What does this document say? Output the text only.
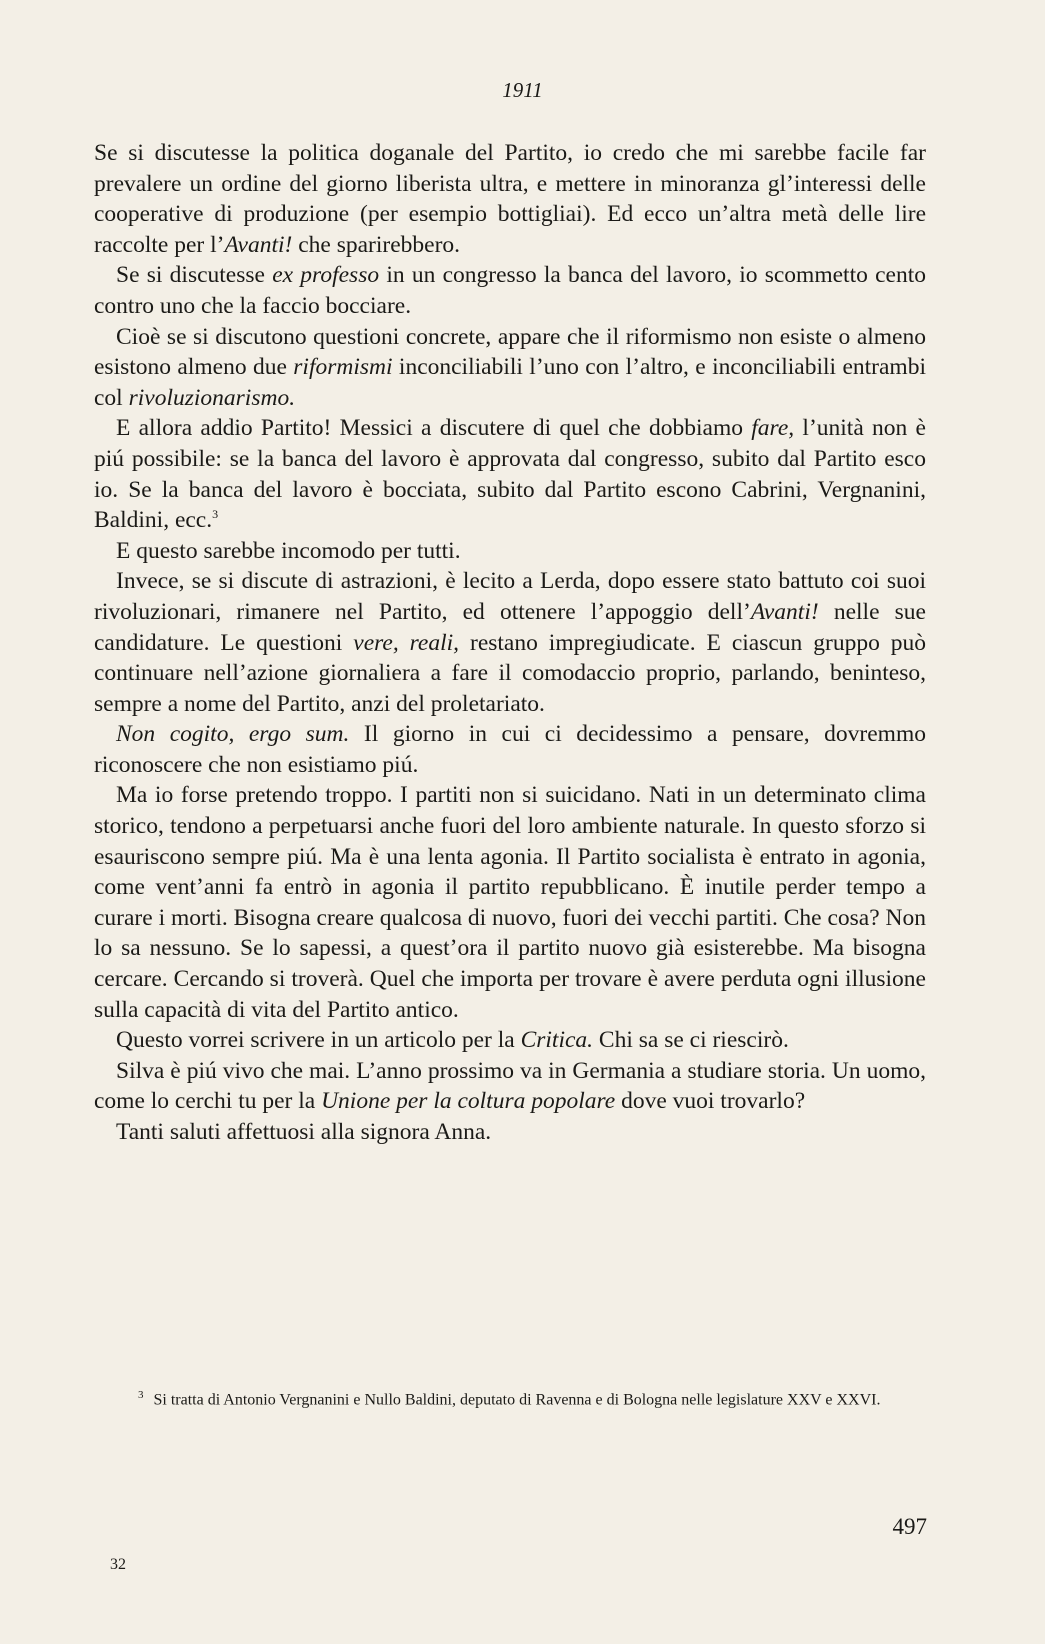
1911

Se si discutesse la politica doganale del Partito, io credo che mi sarebbe facile far prevalere un ordine del giorno liberista ultra, e mettere in minoranza gl’interessi delle cooperative di produzione (per esempio bottigliai). Ed ecco un’altra metà delle lire raccolte per l’Avanti! che sparirebbero.

Se si discutesse ex professo in un congresso la banca del lavoro, io scommetto cento contro uno che la faccio bocciare.

Cioè se si discutono questioni concrete, appare che il riformismo non esiste o almeno esistono almeno due riformismi inconciliabili l’uno con l’altro, e inconciliabili entrambi col rivoluzionarismo.

E allora addio Partito! Messici a discutere di quel che dobbiamo fare, l’unità non è piú possibile: se la banca del lavoro è approvata dal congresso, subito dal Partito esco io. Se la banca del lavoro è bocciata, subito dal Partito escono Cabrini, Vergnanini, Baldini, ecc.$^3$

E questo sarebbe incomodo per tutti.

Invece, se si discute di astrazioni, è lecito a Lerda, dopo essere stato battuto coi suoi rivoluzionari, rimanere nel Partito, ed ottenere l’appoggio dell’Avanti! nelle sue candidature. Le questioni vere, reali, restano impregiudicate. E ciascun gruppo può continuare nell’azione giornaliera a fare il comodaccio proprio, parlando, beninteso, sempre a nome del Partito, anzi del proletariato.

Non cogito, ergo sum. Il giorno in cui ci decidessimo a pensare, dovremmo riconoscere che non esistiamo piú.

Ma io forse pretendo troppo. I partiti non si suicidano. Nati in un determinato clima storico, tendono a perpetuarsi anche fuori del loro ambiente naturale. In questo sforzo si esauriscono sempre piú. Ma è una lenta agonia. Il Partito socialista è entrato in agonia, come vent’anni fa entrò in agonia il partito repubblicano. È inutile perder tempo a curare i morti. Bisogna creare qualcosa di nuovo, fuori dei vecchi partiti. Che cosa? Non lo sa nessuno. Se lo sapessi, a quest’ora il partito nuovo già esisterebbe. Ma bisogna cercare. Cercando si troverà. Quel che importa per trovare è avere perduta ogni illusione sulla capacità di vita del Partito antico.

Questo vorrei scrivere in un articolo per la Critica. Chi sa se ci riescirò.

Silva è piú vivo che mai. L’anno prossimo va in Germania a studiare storia. Un uomo, come lo cerchi tu per la Unione per la coltura popolare dove vuoi trovarlo?

Tanti saluti affettuosi alla signora Anna.

$^3$ Si tratta di Antonio Vergnanini e Nullo Baldini, deputato di Ravenna e di Bologna nelle legislature XXV e XXVI.
497
32
